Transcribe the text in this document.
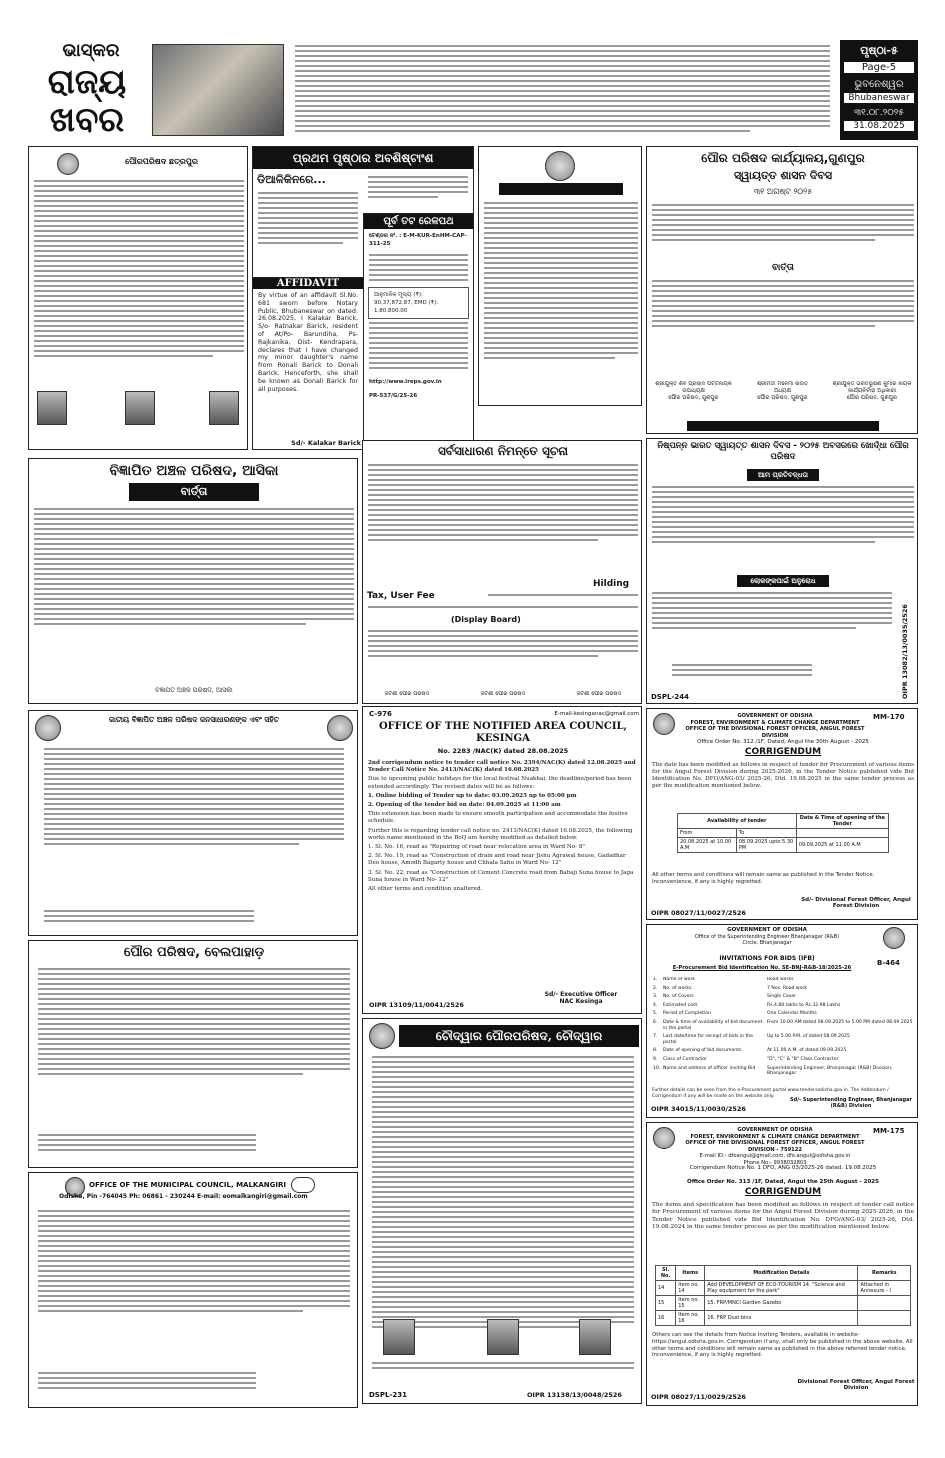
ଭାସ୍କର
ରାଜ୍ୟ
ଖବର
ପୃଷ୍ଠା-୫
Page-5
ଭୁବନେଶ୍ୱର
Bhubaneswar
୩୧.୦୮.୨୦୨୫
31.08.2025
ପୌରପରିଷଦ ଛତ୍ରପୁର	ପ୍ରଥମ ପୃଷ୍ଠାର ଅବଶିଷ୍ଟାଂଶ
ଡିଆଳିକିନରେ...
AFFIDAVIT
By virtue of an affidavit Sl.No. 681 sworn before Notary Public, Bhubaneswar on dated: 26.08.2025, I Kalakar Barick, S/o- Ratnakar Barick, resident of At/Po- Barundiha, Ps- Rajkanika, Dist- Kendrapara, declares that I have changed my minor daughter's name from Ronali Barick to Donali Barick. Henceforth, she shall be known as Donali Barick for all purposes.
Sd/- Kalakar Barick
ପୂର୍ବ ତଟ ରେଳପଥ
ଟେଣ୍ଡର ନଂ. : E-M-KUR-EnHM-CAP-311-25
ଆନୁମାନିକ ମୂଲ୍ୟ (₹): 90,37,872.87, EMD (₹): 1,80,800.00
http://www.ireps.gov.in
PR-537/G/25-26
ପୌର ପରିଷଦ କାର୍ଯ୍ୟାଳୟ,ଗୁଣପୁର
ସ୍ୱାୟତ୍ତ ଶାସନ ଦିବସ
୩୧ ଅଗଷ୍ଟ ୨୦୨୫
ବାର୍ତ୍ତା
ଶ୍ରୀଯୁକ୍ତ ଶିବ ପ୍ରସାଦ ପଟ୍ଟନାୟକ
ଉପାଧ୍ୟକ୍ଷ
ପୌର ପରିଷଦ, ଗୁଣପୁର
ଶ୍ରୀମତୀ ମନେମା ରାଉତ
ଅଧ୍ୟକ୍ଷ
ପୌର ପରିଷଦ, ଗୁଣପୁର
ଶ୍ରୀଯୁକ୍ତ ଭରତଭୂଷଣ କୁମାର ନାୟକ
କାର୍ଯ୍ୟନିର୍ବାହୀ ଅଧିକାରୀ
ପୌର ପରିଷଦ, ଗୁଣପୁର
ବିଜ୍ଞାପିତ ଅଞ୍ଚଳ ପରିଷଦ, ଆସିକା
ବାର୍ତ୍ତା
ବିଜ୍ଞାପିତ ଅଞ୍ଚଳ ପରିଷଦ, ଆସିକା
ସର୍ବସାଧାରଣ ନିମନ୍ତେ ସୂଚନା
Hilding
Tax, User Fee
(Display Board)
ଜଟଣୀ ପୌର ପରିଷଦ	ଜଟଣୀ ପୌର ପରିଷଦ	ଜଟଣୀ ପୌର ପରିଷଦ
ନିଷ୍ପନ୍ନ ଭାରତ ସ୍ୱାୟତ୍ତ ଶାସନ ଦିବସ - ୨୦୨୫ ଅବସରରେ ଖୋର୍ଦ୍ଧା ପୌର ପରିଷଦ
ଆମ ପ୍ରତିବଦ୍ଧତା
ଲୋକଙ୍କପାଇଁ ଅନୁରୋଧ
DSPL-244	OIPR 13082/13/0035/2526
ଜାତୀୟ ବିଜ୍ଞାପିତ ଅଞ୍ଚଳ ପରିଷଦ ଜନସାଧାରଣଙ୍କ ଏବଂ ସହିତ
C-976	E-mail-kesinganac@gmail.com
OFFICE OF THE NOTIFIED AREA COUNCIL, KESINGA
No. 2283 /NAC(K) dated 28.08.2025

2nd corrigendum notice to tender call notice No. 2394/NAC(K) dated 12.08.2025 and Tender Call Notice No. 2413/NAC(K) dated 16.08.2025

Due to upcoming public holidays for the local festival Nuakhai, the deadline/period has been extended accordingly. The revised dates will be as follows:

1. Online bidding of Tender up to date: 03.09.2025 up to 05:00 pm

2. Opening of the tender bid on date: 04.09.2025 at 11:00 am

This extension has been made to ensure smooth participation and accommodate the festive schedule.

Further this is regarding tender call notice no. 2413/NAC(K) dated 16.08.2025, the following works name mentioned in the BoQ are hereby modified as detailed below.

1. Sl. No. 16, read as "Repairing of road near relocation area in Ward No- 8"

2. Sl. No. 19, read as "Construction of drain and road near Jishu Agrawal house, Gadadhar Deo house, Amodh Bagarty house and Chhala Sahu in Ward No- 12"

3. Sl. No. 22, read as "Construction of Cement Concrete road from Babaji Suna house to Jaga Suna house in Ward No- 12"

All other terms and condition unaltered.

OIPR 13109/11/0041/2526
Sd/- Executive Officer
NAC Kesinga
MM-170
GOVERNMENT OF ODISHA
FOREST, ENVIRONMENT & CLIMATE CHANGE DEPARTMENT
OFFICE OF THE DIVISIONAL FOREST OFFICER, ANGUL FOREST DIVISION
Office Order No. 312 /1F, Dated, Angul the 30th August - 2025
CORRIGENDUM
The date has been modified as follows in respect of tender for Procurement of various items for the Angul Forest Division during 2025-2026, in the Tender Notice published vide Bid Identification No. DFO/ANG-03/ 2025-26, Dtd. 19.08.2025 in the same tender process as per the modification mentioned below.
Availability of tender		Date & Time of opening of the Tender
From	To	
20.08.2025 at 10.00 A.M	08.09.2025 upto 5.30 PM	09.09.2025 at 11.00 A.M
All other terms and conditions will remain same as published in the Tender Notice. Inconvenience, if any is highly regretted.
OIPR 08027/11/0027/2526
Sd/- Divisional Forest Officer, Angul Forest Division
ପୌର ପରିଷଦ, ବେଲପାହାଡ଼
ଚୌଦ୍ୱାର ପୌରପରିଷଦ, ଚୌଦ୍ୱାର
DSPL-231	OIPR 13138/13/0048/2526
GOVERNMENT OF ODISHA
Office of the Superintending Engineer Bhanjanagar (R&B) Circle, Bhanjanagar
B-464
INVITATIONS FOR BIDS (IFB)
E-Procurement Bid Identification No. SE-BNJ-R&B-18/2025-26
1.	Name of work	Road works
2.	No. of works	7 Nos. Road work
3.	No. of Covers	Single Cover
4.	Estimated cost	Rs.4.80 lakhs to Rs.32.98 Lakhs
5.	Period of Completion	One Calendar Months
6.	Date & time of availability of bid document in the portal
From 10.00 AM dated 08.09.2025 to 5.00 PM dated 08.09.2025
7.	Last date/time for receipt of bids in the portal
Up to 5.00 P.M. of dated 08.09.2025
8.	Date of opening of bid documents	At 11.00 A.M. of dated 09.09.2025
9.	Class of Contractor	"D", "C" & "B" Class Contractor
10. Name and address of officer inviting Bid	Superintending Engineer, Bhanjanagar (R&B) Division, Bhanjanagar
Further details can be seen from the e-Procurement portal www.tendersodisha.gov.in. The Addendum / Corrigendum if any will be made on the website only.
OIPR 34015/11/0030/2526
Sd/- Superintending Engineer, Bhanjanagar (R&B) Division
MM-175
GOVERNMENT OF ODISHA
FOREST, ENVIRONMENT & CLIMATE CHANGE DEPARTMENT
OFFICE OF THE DIVISIONAL FOREST OFFICER, ANGUL FOREST DIVISION - 759122
E-mail ID:- dfoangul@gmail.com, dfo.angul@odisha.gov.in
Phone No:- 9938032803
Corrigendum Notice No. 1 DFO, ANG 03/2025-26 dated. 19.08.2025
Office Order No. 313 /1F, Dated, Angul the 25th August - 2025
CORRIGENDUM
The items and specification has been modified as follows in respect of tender call notice for Procurement of various items for the Angul Forest Division during 2025-2026, in the Tender Notice published vide Bid Identification No. DFO/ANG-03/ 2025-26, Dtd. 19.08.2024 in the same tender process as per the modification mentioned below.
Sl. No.	Items	Modification Details	Remarks
14	Item no. 14	Add DEVELOPMENT OF ECO-TOURISM 14. "Science and Play equipment for the park"	Attached in Annexure - I
15	Item no. 15	15. FRP/MNCI Garden Gazebo	
16	Item no. 16	16. FRP Dust bins	
Others can see the details from Notice Inviting Tenders, available in website- https://angul.odisha.gov.in. Corrigendum if any, shall only be published in the above website. All other terms and conditions will remain same as published in the above referred tender notice. Inconvenience, if any is highly regretted.
OIPR 08027/11/0029/2526
Divisional Forest Officer, Angul Forest Division
OFFICE OF THE MUNICIPAL COUNCIL, MALKANGIRI
Odisha, Pin -764045 Ph: 06861 - 230244 E-mail: eomalkangiri@gmail.com
